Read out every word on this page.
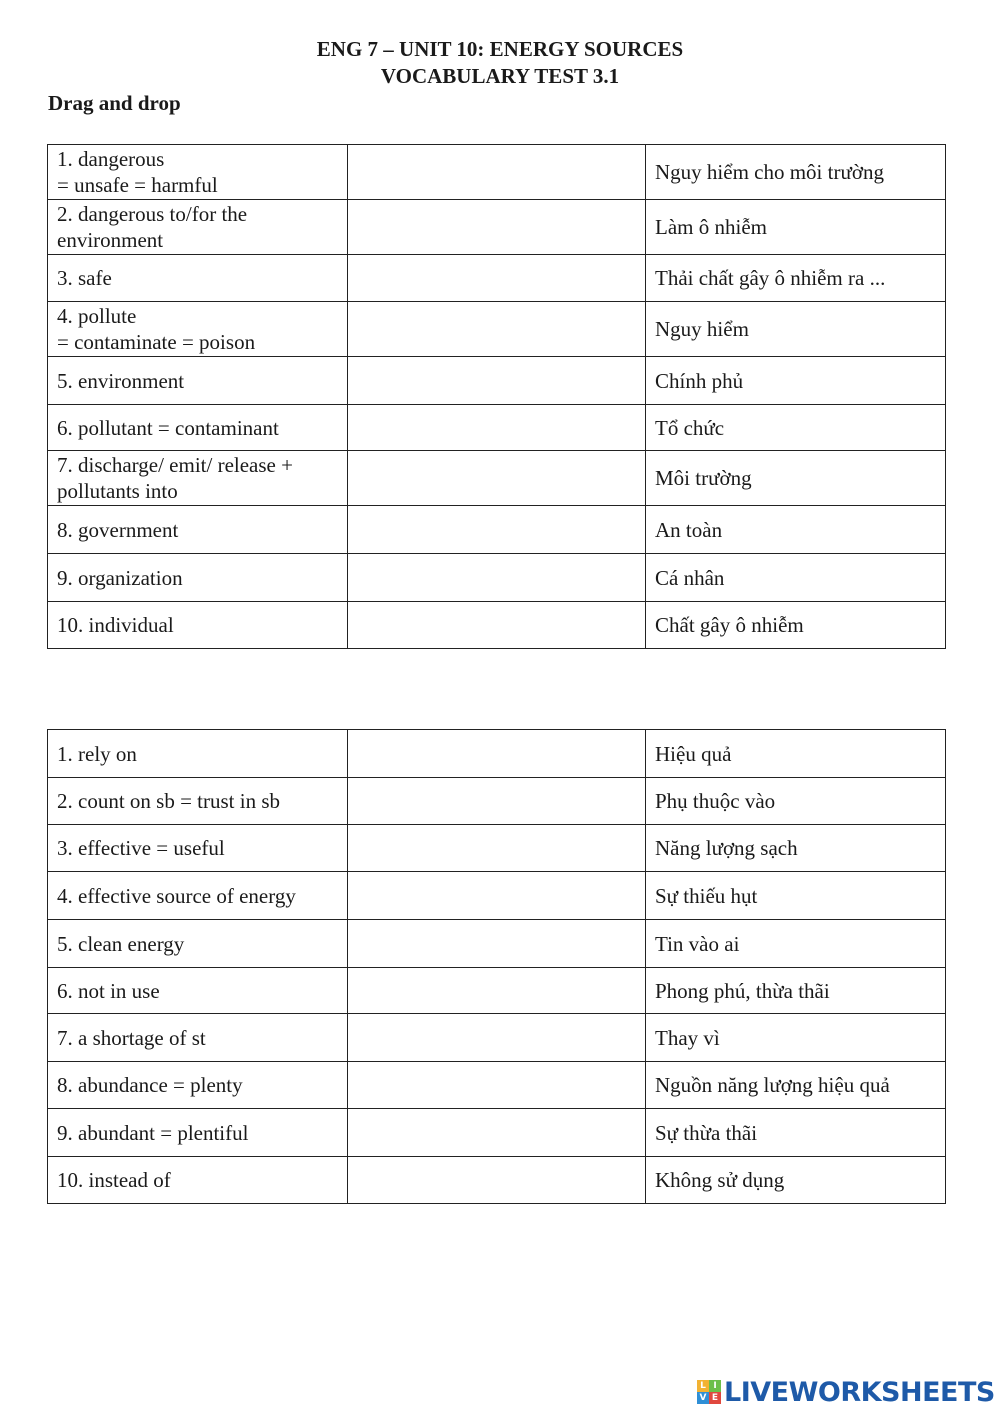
ENG 7 – UNIT 10: ENERGY SOURCES
VOCABULARY TEST 3.1
Drag and drop
1. dangerous
= unsafe = harmful		Nguy hiểm cho môi trường

2. dangerous to/for the
environment		Làm ô nhiễm

3. safe		Thải chất gây ô nhiễm ra ...

4. pollute
= contaminate = poison		Nguy hiểm

5. environment		Chính phủ

6. pollutant = contaminant		Tổ chức

7. discharge/ emit/ release +
pollutants into		Môi trường

8. government		An toàn

9. organization		Cá nhân

10. individual		Chất gây ô nhiễm
1. rely on		Hiệu quả

2. count on sb = trust in sb		Phụ thuộc vào

3. effective = useful		Năng lượng sạch

4. effective source of energy		Sự thiếu hụt

5. clean energy		Tin vào ai

6. not in use		Phong phú, thừa thãi

7. a shortage of st		Thay vì

8. abundance = plenty		Nguồn năng lượng hiệu quả

9. abundant = plentiful		Sự thừa thãi

10. instead of		Không sử dụng
L I
V E LIVEWORKSHEETS
